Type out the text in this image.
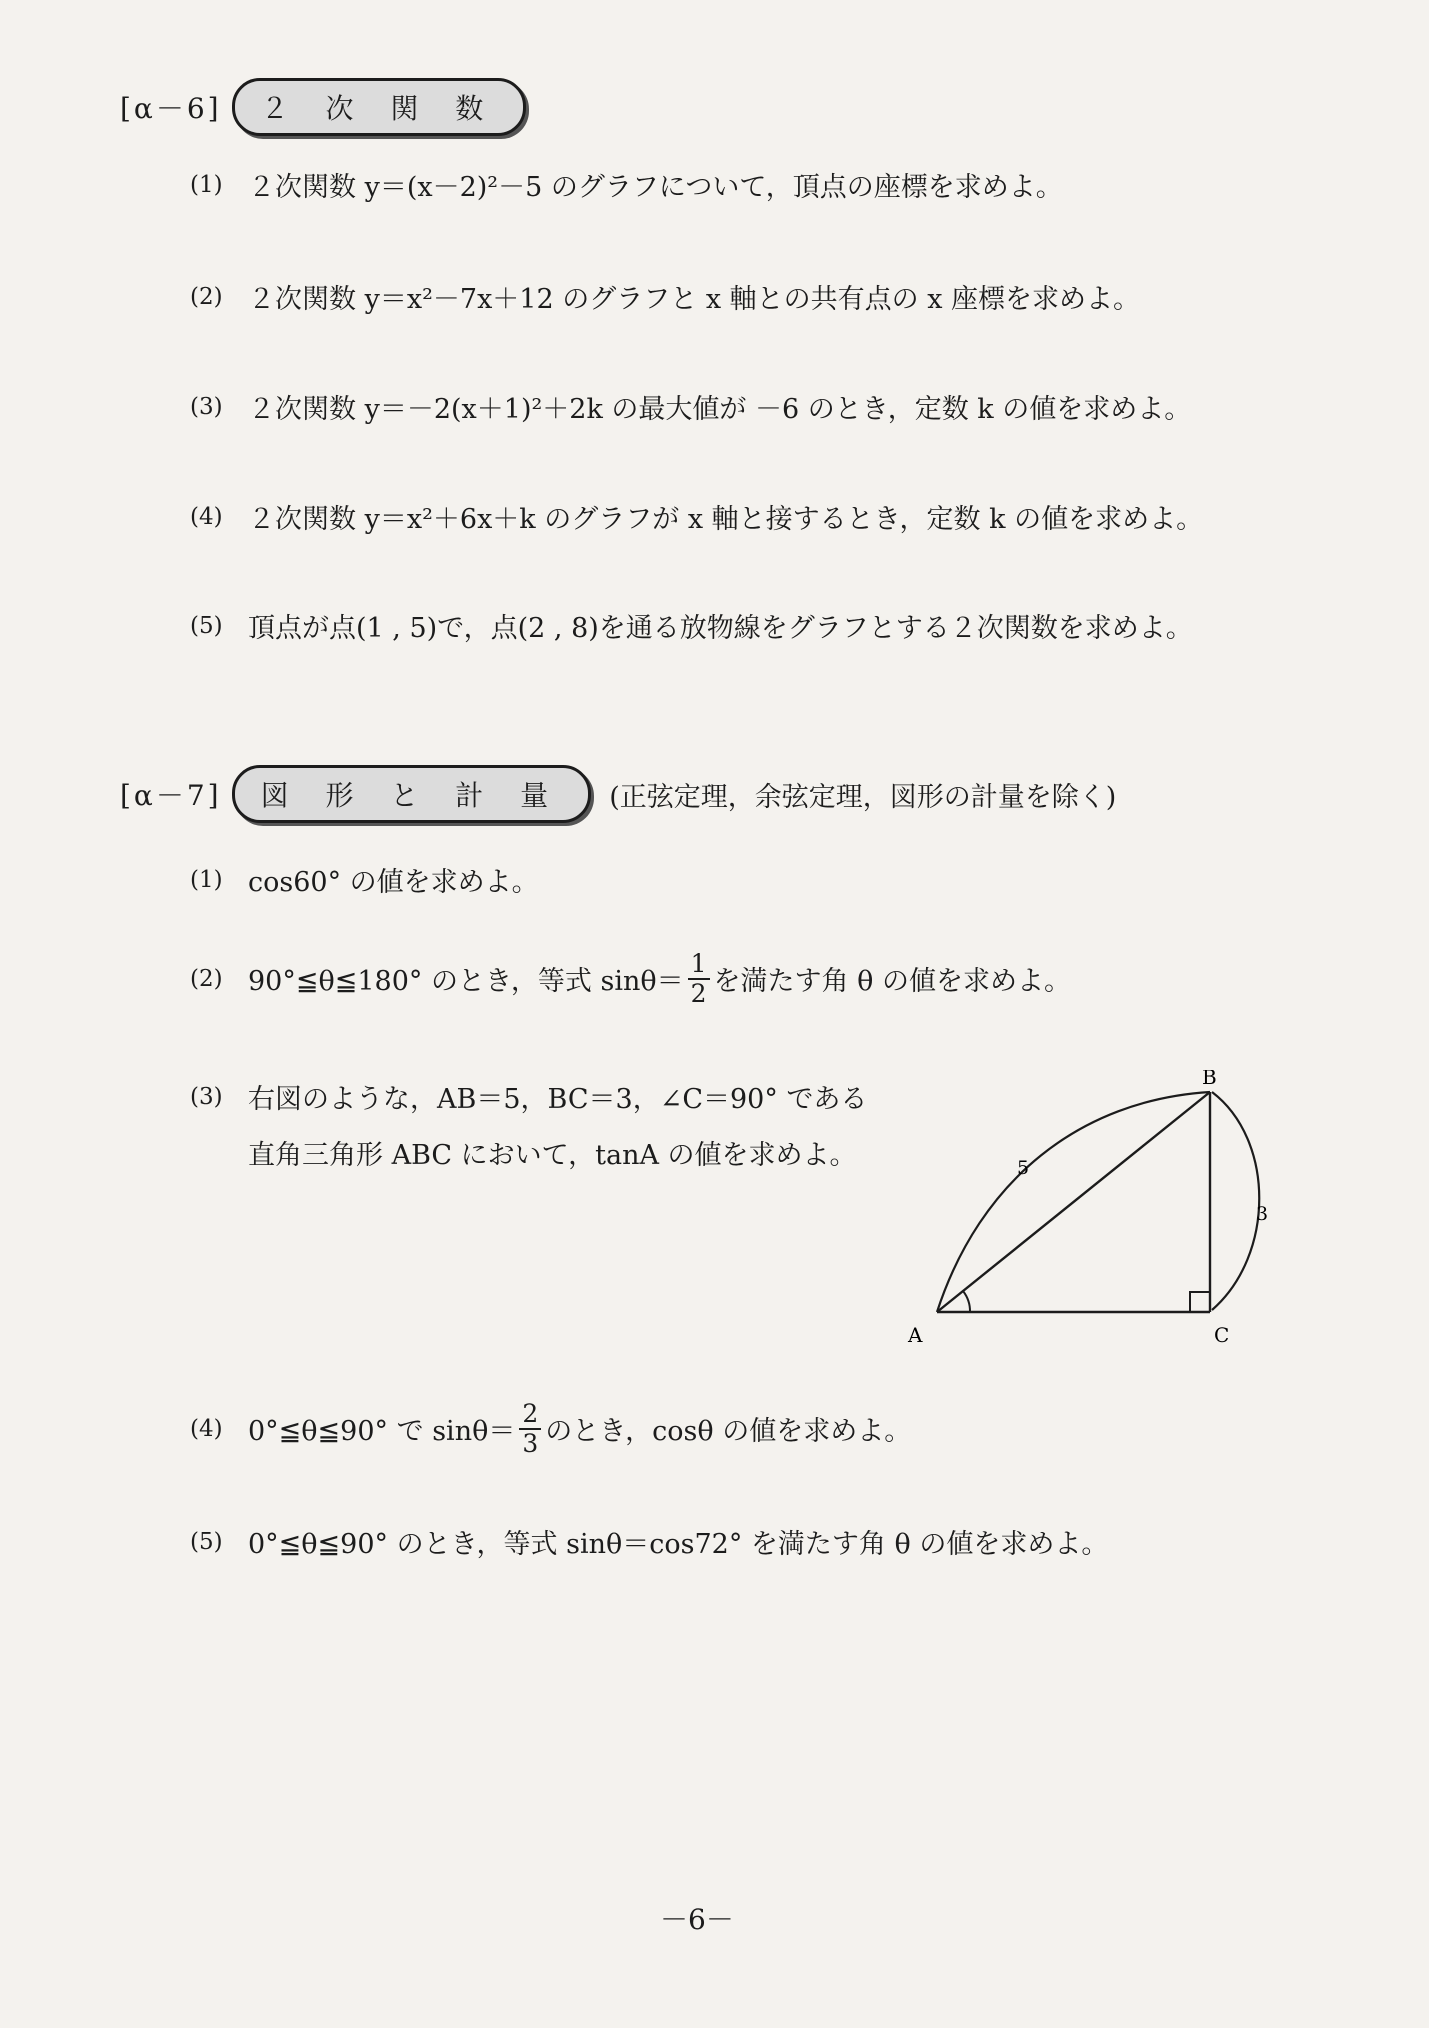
[α－6]	２ 次 関 数
(1) ２次関数 y＝(x－2)²－5 のグラフについて，頂点の座標を求めよ。
(2) ２次関数 y＝x²－7x＋12 のグラフと x 軸との共有点の x 座標を求めよ。
(3) ２次関数 y＝－2(x＋1)²＋2k の最大値が －6 のとき，定数 k の値を求めよ。
(4) ２次関数 y＝x²＋6x＋k のグラフが x 軸と接するとき，定数 k の値を求めよ。
(5) 頂点が点(1 , 5)で，点(2 , 8)を通る放物線をグラフとする２次関数を求めよ。
[α－7]	図 形 と 計 量	(正弦定理，余弦定理，図形の計量を除く)
(1) cos60° の値を求めよ。
(2) 90°≦θ≦180° のとき，等式 $\sin\theta= \frac{1}{2}$ を満たす角 θ の値を求めよ。
(3) 右図のような，AB＝5，BC＝3，∠C＝90° である
直角三角形 ABC において，tanA の値を求めよ。
A
B
C
5
3
(4) 0°≦θ≦90° で $\sin\theta= \frac{2}{3}$ のとき，cosθ の値を求めよ。
(5) 0°≦θ≦90° のとき，等式 sinθ＝cos72° を満たす角 θ の値を求めよ。
－6－
